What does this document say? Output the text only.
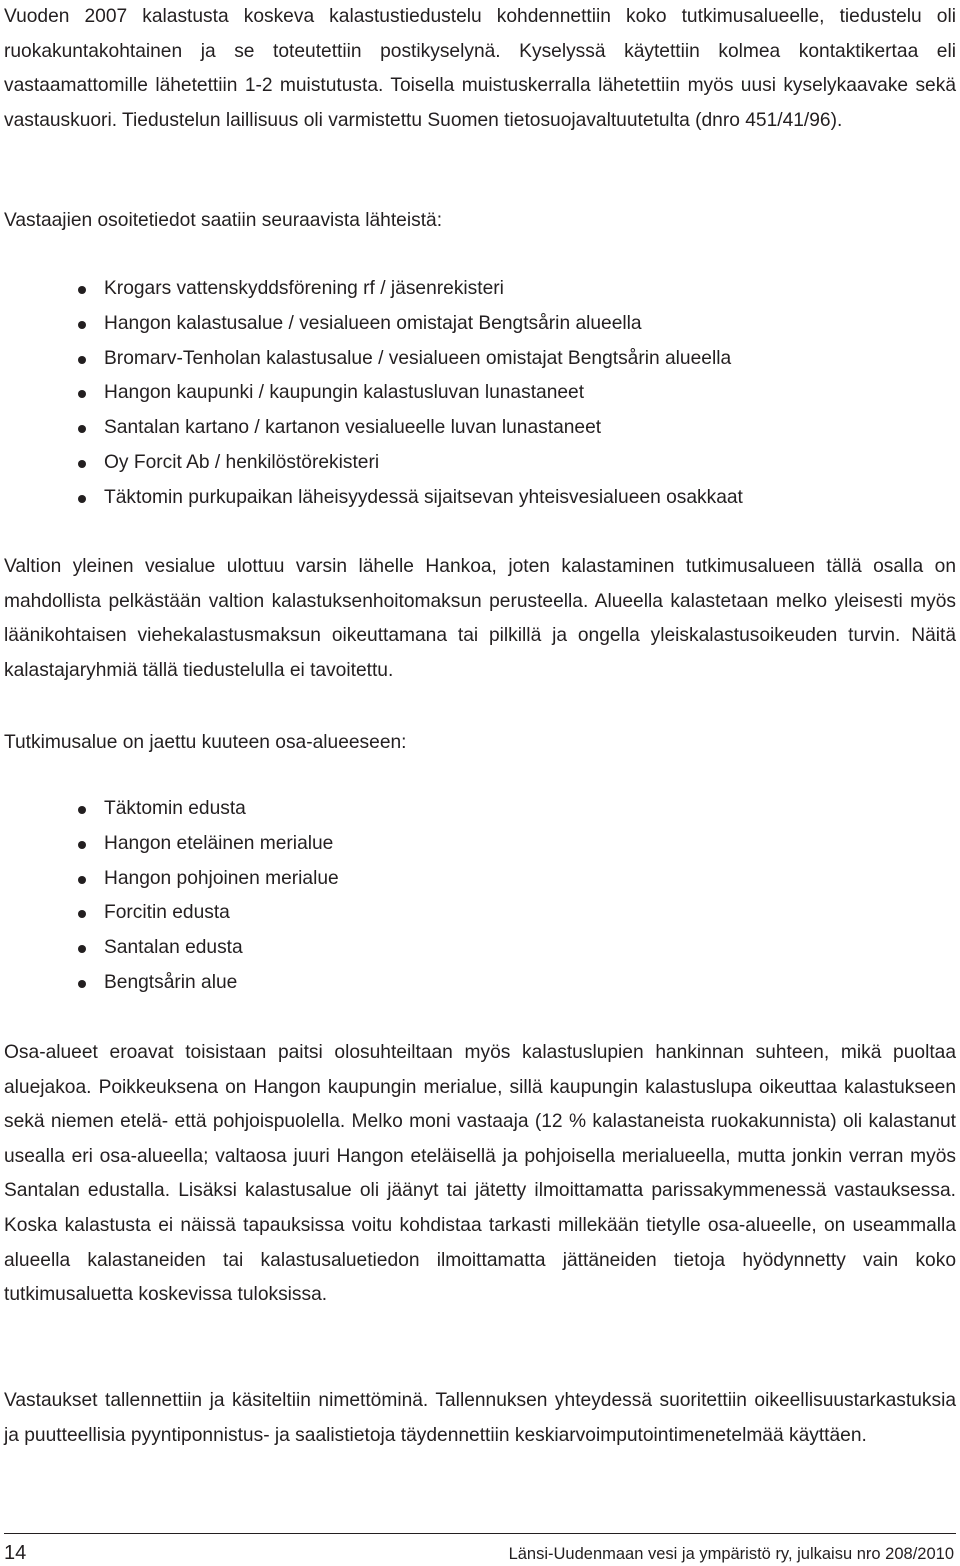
Vuoden 2007 kalastusta koskeva kalastustiedustelu kohdennettiin koko tutkimusalueelle, tiedustelu oli ruokakuntakohtainen ja se toteutettiin postikyselynä. Kyselyssä käytettiin kolmea kontaktikertaa eli vastaamattomille lähetettiin 1-2 muistutusta. Toisella muistuskerralla lähetettiin myös uusi kyselykaavake sekä vastauskuori. Tiedustelun laillisuus oli varmistettu Suomen tietosuojavaltuutetulta (dnro 451/41/96).

Vastaajien osoitetiedot saatiin seuraavista lähteistä:

Krogars vattenskyddsförening rf / jäsenrekisteri
Hangon kalastusalue / vesialueen omistajat Bengtsårin alueella
Bromarv-Tenholan kalastusalue / vesialueen omistajat Bengtsårin alueella
Hangon kaupunki / kaupungin kalastusluvan lunastaneet
Santalan kartano / kartanon vesialueelle luvan lunastaneet
Oy Forcit Ab / henkilöstörekisteri
Täktomin purkupaikan läheisyydessä sijaitsevan yhteisvesialueen osakkaat

Valtion yleinen vesialue ulottuu varsin lähelle Hankoa, joten kalastaminen tutkimusalueen tällä osalla on mahdollista pelkästään valtion kalastuksenhoitomaksun perusteella. Alueella kalastetaan melko yleisesti myös läänikohtaisen viehekalastusmaksun oikeuttamana tai pilkillä ja ongella yleiskalastusoikeuden turvin. Näitä kalastajaryhmiä tällä tiedustelulla ei tavoitettu.

Tutkimusalue on jaettu kuuteen osa-alueeseen:

Täktomin edusta
Hangon eteläinen merialue
Hangon pohjoinen merialue
Forcitin edusta
Santalan edusta
Bengtsårin alue

Osa-alueet eroavat toisistaan paitsi olosuhteiltaan myös kalastuslupien hankinnan suhteen, mikä puoltaa aluejakoa. Poikkeuksena on Hangon kaupungin merialue, sillä kaupungin kalastuslupa oikeuttaa kalastukseen sekä niemen etelä- että pohjoispuolella. Melko moni vastaaja (12 % kalastaneista ruokakunnista) oli kalastanut usealla eri osa-alueella; valtaosa juuri Hangon eteläisellä ja pohjoisella merialueella, mutta jonkin verran myös Santalan edustalla. Lisäksi kalastusalue oli jäänyt tai jätetty ilmoittamatta parissakymmenessä vastauksessa. Koska kalastusta ei näissä tapauksissa voitu kohdistaa tarkasti millekään tietylle osa-alueelle, on useammalla alueella kalastaneiden tai kalastusaluetiedon ilmoittamatta jättäneiden tietoja hyödynnetty vain koko tutkimusaluetta koskevissa tuloksissa.

Vastaukset tallennettiin ja käsiteltiin nimettöminä. Tallennuksen yhteydessä suoritettiin oikeellisuustarkastuksia ja puutteellisia pyyntiponnistus- ja saalistietoja täydennettiin keskiarvoimputointimenetelmää käyttäen.

14	Länsi-Uudenmaan vesi ja ympäristö ry, julkaisu nro 208/2010
